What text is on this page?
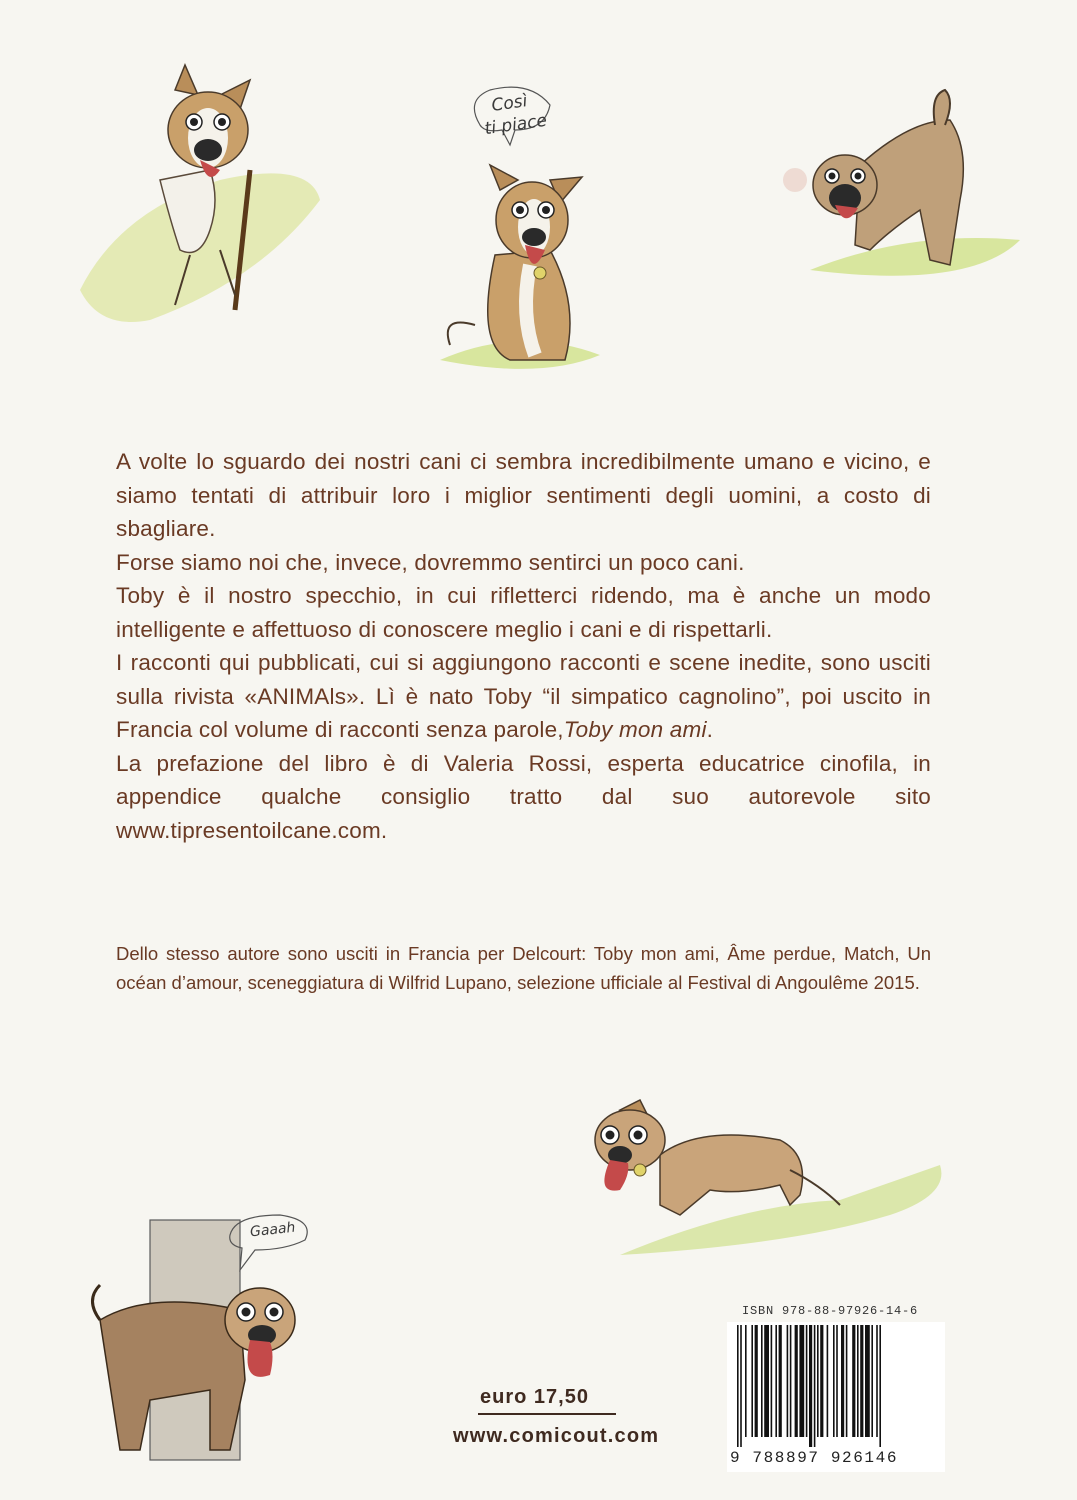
Così
ti piace

A volte lo sguardo dei nostri cani ci sembra incredibilmente umano e vicino, e siamo tentati di attribuir loro i miglior sentimenti degli uomini, a costo di sbagliare.

Forse siamo noi che, invece, dovremmo sentirci un poco cani.

Toby è il nostro specchio, in cui rifletterci ridendo, ma è anche un modo intelligente e affettuoso di conoscere meglio i cani e di rispettarli.

I racconti qui pubblicati, cui si aggiungono racconti e scene inedite, sono usciti sulla rivista «ANIMAls». Lì è nato Toby “il simpatico cagnolino”, poi uscito in Francia col volume di racconti senza parole,Toby mon ami.

La prefazione del libro è di Valeria Rossi, esperta educatrice cinofila, in appendice qualche consiglio tratto dal suo autorevole sito www.tipresentoilcane.com.

Dello stesso autore sono usciti in Francia per Delcourt: Toby mon ami, Âme perdue, Match, Un océan d’amour, sceneggiatura di Wilfrid Lupano, selezione ufficiale al Festival di Angoulême 2015.

Gaaah
euro 17,50
www.comicout.com
ISBN 978-88-97926-14-6
9 788897 926146
